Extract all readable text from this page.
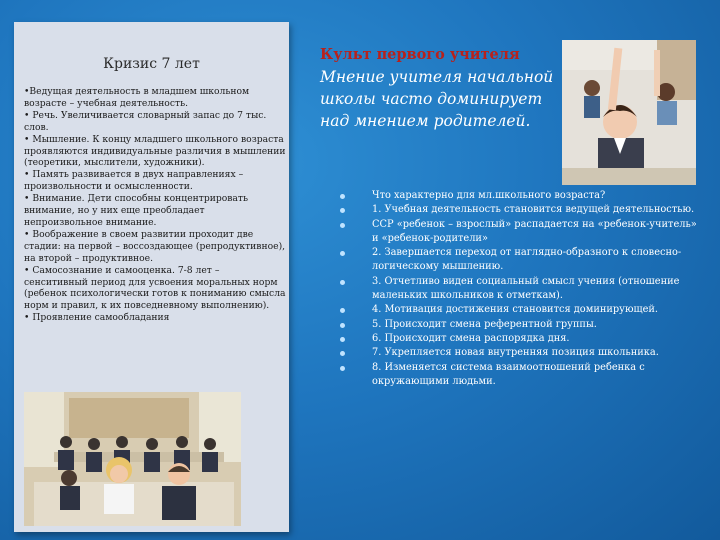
Кризис 7 лет

•Ведущая деятельность в младшем школьном возрасте – учебная деятельность.

• Речь. Увеличивается словарный запас до 7 тыс. слов.

• Мышление. К концу младшего школьного возраста проявляются индивидуальные различия в мышлении (теоретики, мыслители, художники).

• Память развивается в двух направлениях – произвольности и осмысленности.

• Внимание. Дети способны концентрировать внимание, но у них еще преобладает непроизвольное внимание.

• Воображение в своем развитии проходит две стадии: на первой – воссоздающее (репродуктивное), на второй – продуктивное.

• Самосознание и самооценка. 7-8 лет – сенситивный период для усвоения моральных норм (ребенок психологически готов к пониманию смысла норм и правил, к их повседневному выполнению).

• Проявление самообладания

Культ первого учителя
Мнение учителя начальной школы часто доминирует над мнением родителей.
Что характерно для мл.школьного возраста?
1. Учебная деятельность становится ведущей деятельностью.
ССР «ребенок – взрослый» распадается на «ребенок-учитель» и «ребенок-родители»
2. Завершается переход от наглядно-образного к словесно-логическому мышлению.
3. Отчетливо виден социальный смысл учения (отношение маленьких школьников к отметкам).
4. Мотивация достижения становится доминирующей.
5. Происходит смена референтной группы.
6. Происходит смена распорядка дня.
7. Укрепляется новая внутренняя позиция школьника.
8. Изменяется система взаимоотношений ребенка с окружающими людьми.
